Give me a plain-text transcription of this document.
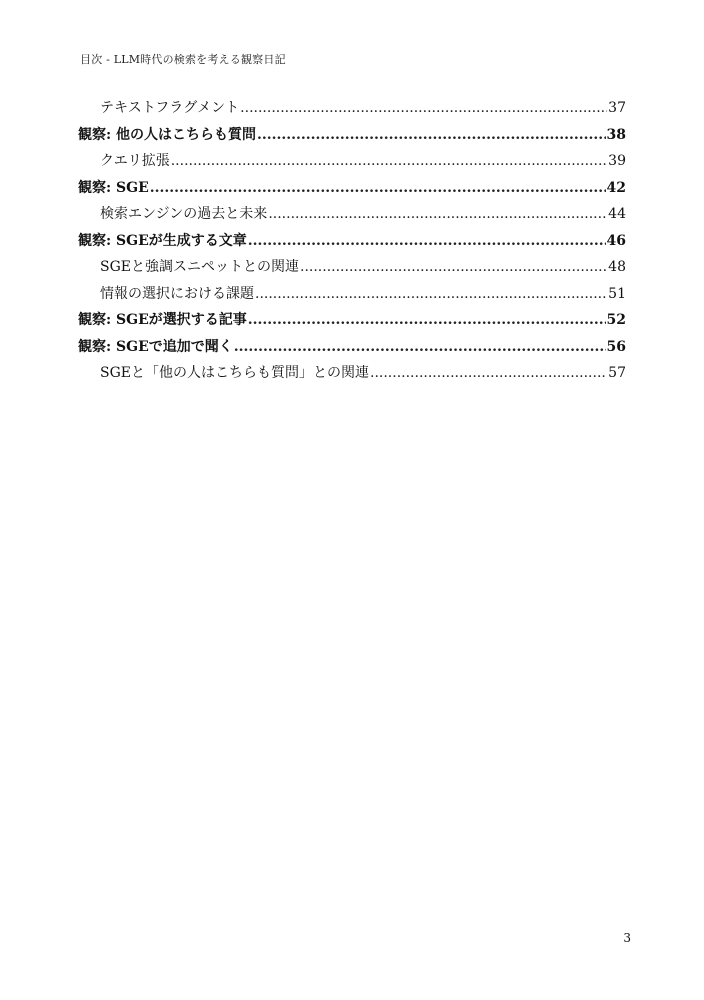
目次 - LLM時代の検索を考える観察日記
テキストフラグメント .....	37
観察: 他の人はこちらも質問 .....	38
クエリ拡張 .....	39
観察: SGE .....	42
検索エンジンの過去と未来 .....	44
観察: SGEが生成する文章 .....	46
SGEと強調スニペットとの関連 .....	48
情報の選択における課題 .....	51
観察: SGEが選択する記事 .....	52
観察: SGEで追加で聞く .....	56
SGEと「他の人はこちらも質問」との関連 .....	57
3
